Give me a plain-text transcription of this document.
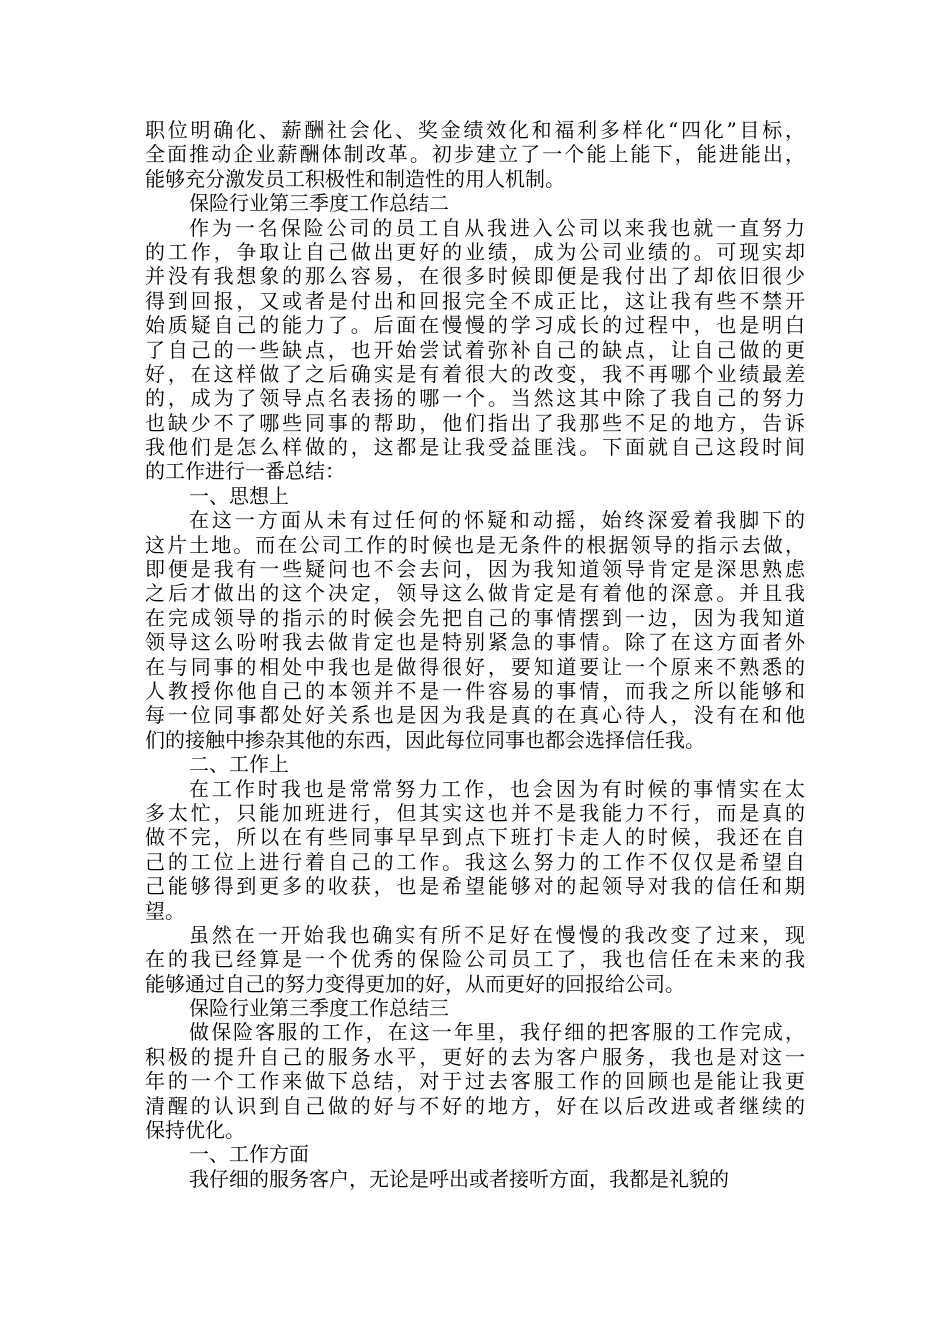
职位明确化、薪酬社会化、奖金绩效化和福利多样化“四化”目标，
全面推动企业薪酬体制改革。初步建立了一个能上能下，能进能出，
能够充分激发员工积极性和制造性的用人机制。
保险行业第三季度工作总结二
作为一名保险公司的员工自从我进入公司以来我也就一直努力
的工作，争取让自己做出更好的业绩，成为公司业绩的。可现实却
并没有我想象的那么容易，在很多时候即便是我付出了却依旧很少
得到回报，又或者是付出和回报完全不成正比，这让我有些不禁开
始质疑自己的能力了。后面在慢慢的学习成长的过程中，也是明白
了自己的一些缺点，也开始尝试着弥补自己的缺点，让自己做的更
好，在这样做了之后确实是有着很大的改变，我不再哪个业绩最差
的，成为了领导点名表扬的哪一个。当然这其中除了我自己的努力
也缺少不了哪些同事的帮助，他们指出了我那些不足的地方，告诉
我他们是怎么样做的，这都是让我受益匪浅。下面就自己这段时间
的工作进行一番总结：
一、思想上
在这一方面从未有过任何的怀疑和动摇，始终深爱着我脚下的
这片土地。而在公司工作的时候也是无条件的根据领导的指示去做，
即便是我有一些疑问也不会去问，因为我知道领导肯定是深思熟虑
之后才做出的这个决定，领导这么做肯定是有着他的深意。并且我
在完成领导的指示的时候会先把自己的事情摆到一边，因为我知道
领导这么吩咐我去做肯定也是特别紧急的事情。除了在这方面者外
在与同事的相处中我也是做得很好，要知道要让一个原来不熟悉的
人教授你他自己的本领并不是一件容易的事情，而我之所以能够和
每一位同事都处好关系也是因为我是真的在真心待人，没有在和他
们的接触中掺杂其他的东西，因此每位同事也都会选择信任我。
二、工作上
在工作时我也是常常努力工作，也会因为有时候的事情实在太
多太忙，只能加班进行，但其实这也并不是我能力不行，而是真的
做不完，所以在有些同事早早到点下班打卡走人的时候，我还在自
己的工位上进行着自己的工作。我这么努力的工作不仅仅是希望自
己能够得到更多的收获，也是希望能够对的起领导对我的信任和期
望。
虽然在一开始我也确实有所不足好在慢慢的我改变了过来，现
在的我已经算是一个优秀的保险公司员工了，我也信任在未来的我
能够通过自己的努力变得更加的好，从而更好的回报给公司。
保险行业第三季度工作总结三
做保险客服的工作，在这一年里，我仔细的把客服的工作完成，
积极的提升自己的服务水平，更好的去为客户服务，我也是对这一
年的一个工作来做下总结，对于过去客服工作的回顾也是能让我更
清醒的认识到自己做的好与不好的地方，好在以后改进或者继续的
保持优化。
一、工作方面
我仔细的服务客户，无论是呼出或者接听方面，我都是礼貌的
